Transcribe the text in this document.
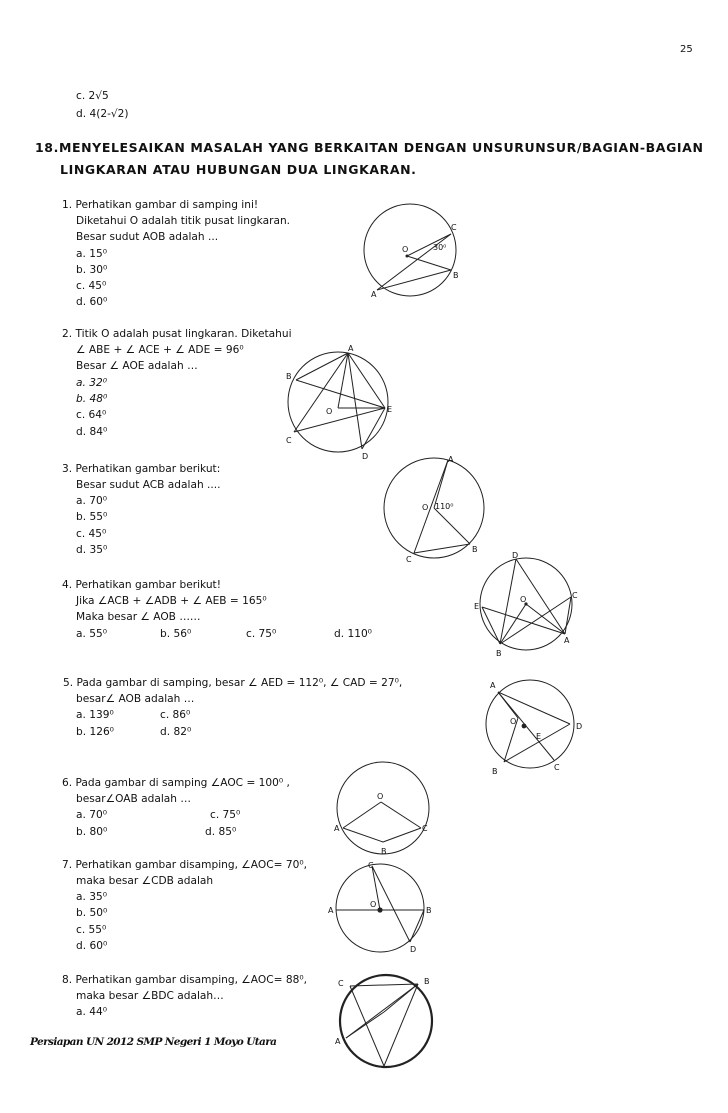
25
c. 2√5
d. 4(2-√2)
18.MENYELESAIKAN MASALAH YANG BERKAITAN DENGAN UNSURUNSUR/BAGIAN-BAGIAN
LINGKARAN ATAU HUBUNGAN DUA LINGKARAN.
1. Perhatikan gambar di samping ini!
Diketahui O adalah titik pusat lingkaran.
Besar sudut AOB adalah ...
a. 15⁰
b. 30⁰
c. 45⁰
d. 60⁰
O	30⁰
C
B
A
2. Titik O adalah pusat lingkaran. Diketahui
∠ ABE + ∠ ACE + ∠ ADE = 96⁰
Besar ∠ AOE adalah …
a. 32⁰
b. 48⁰
c. 64⁰
d. 84⁰
A
B
O	E
C
D
3. Perhatikan gambar berikut:
Besar sudut ACB adalah ....
a. 70⁰
b. 55⁰
c. 45⁰
d. 35⁰
A
O 110⁰
C
B
4. Perhatikan gambar berikut!
Jika ∠ACB + ∠ADB + ∠ AEB = 165⁰
Maka besar ∠ AOB ……
a. 55⁰	b. 56⁰	c. 75⁰	d. 110⁰
D
E
O	C
A
B
5. Pada gambar di samping, besar ∠ AED = 112⁰, ∠ CAD = 27⁰,
besar∠ AOB adalah …
a. 139⁰	c. 86⁰
b. 126⁰	d. 82⁰
A
O
E
D
B	C
6. Pada gambar di samping ∠AOC = 100⁰ ,
besar∠OAB adalah …
a. 70⁰	c. 75⁰
b. 80⁰	d. 85⁰
O
A	C
B
7. Perhatikan gambar disamping, ∠AOC= 70⁰,
maka besar ∠CDB adalah
a. 35⁰
b. 50⁰
c. 55⁰
d. 60⁰
C
A
O
B
D
8. Perhatikan gambar disamping, ∠AOC= 88⁰,
maka besar ∠BDC adalah…
a. 44⁰
C	B
A
Persiapan UN 2012 SMP Negeri 1 Moyo Utara
